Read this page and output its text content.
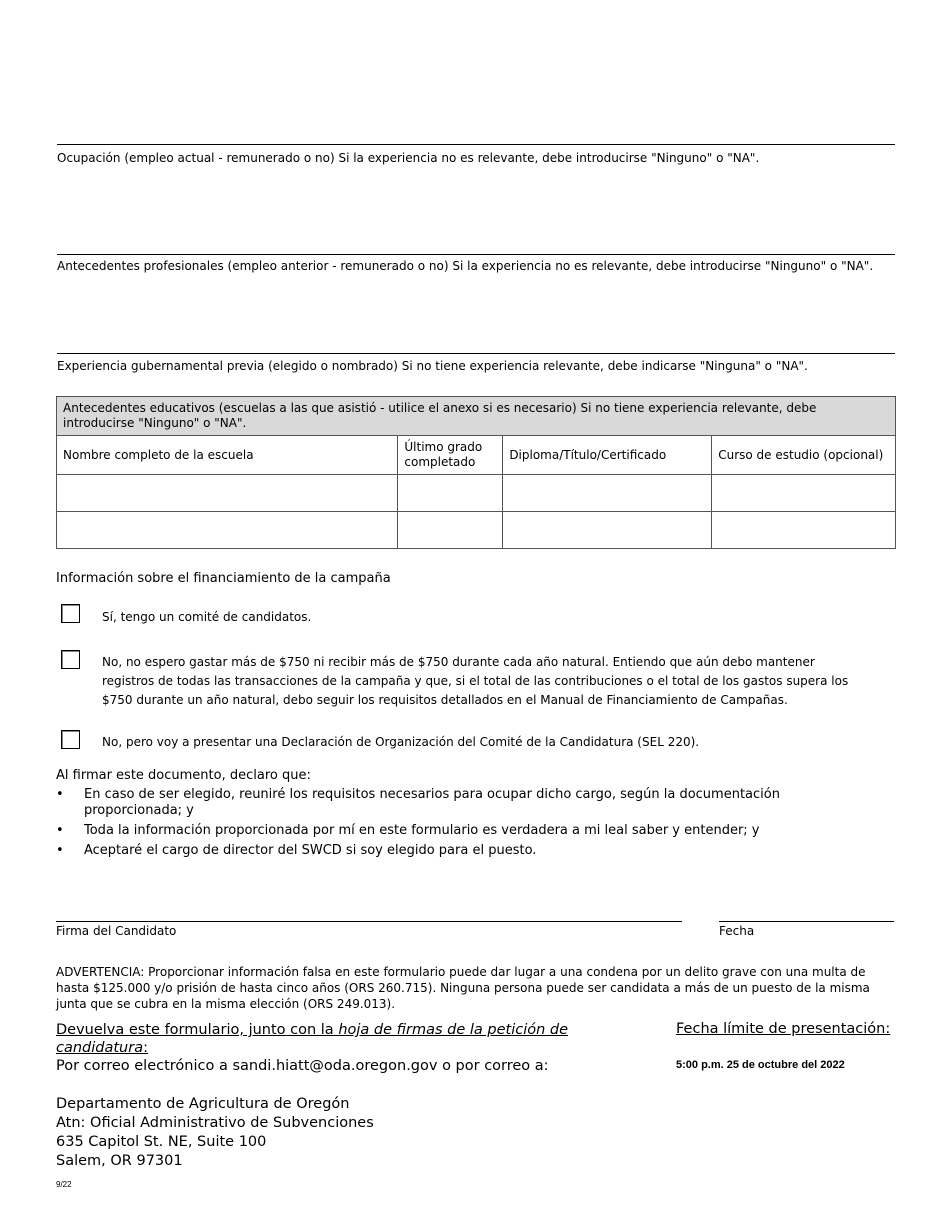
Ocupación (empleo actual - remunerado o no) Si la experiencia no es relevante, debe introducirse "Ninguno" o "NA".
Antecedentes profesionales (empleo anterior - remunerado o no) Si la experiencia no es relevante, debe introducirse "Ninguno" o "NA".
Experiencia gubernamental previa (elegido o nombrado) Si no tiene experiencia relevante, debe indicarse "Ninguna" o "NA".
Antecedentes educativos (escuelas a las que asistió - utilice el anexo si es necesario) Si no tiene experiencia relevante, debe introducirse "Ninguno" o "NA".			
Nombre completo de la escuela	Último grado completado	Diploma/Título/Certificado	Curso de estudio (opcional)

Información sobre el financiamiento de la campaña
Sí, tengo un comité de candidatos.
No, no espero gastar más de $750 ni recibir más de $750 durante cada año natural. Entiendo que aún debo mantener registros de todas las transacciones de la campaña y que, si el total de las contribuciones o el total de los gastos supera los $750 durante un año natural, debo seguir los requisitos detallados en el Manual de Financiamiento de Campañas.
No, pero voy a presentar una Declaración de Organización del Comité de la Candidatura (SEL 220).
Al firmar este documento, declaro que:
• En caso de ser elegido, reuniré los requisitos necesarios para ocupar dicho cargo, según la documentación proporcionada; y
• Toda la información proporcionada por mí en este formulario es verdadera a mi leal saber y entender; y
• Aceptaré el cargo de director del SWCD si soy elegido para el puesto.
Firma del Candidato	Fecha
ADVERTENCIA: Proporcionar información falsa en este formulario puede dar lugar a una condena por un delito grave con una multa de hasta $125.000 y/o prisión de hasta cinco años (ORS 260.715). Ninguna persona puede ser candidata a más de un puesto de la misma junta que se cubra en la misma elección (ORS 249.013).
Devuelva este formulario, junto con la hoja de firmas de la petición de candidatura:
Por correo electrónico a sandi.hiatt@oda.oregon.gov o por correo a:
Fecha límite de presentación:
5:00 p.m. 25 de octubre del 2022
Departamento de Agricultura de Oregón
Atn: Oficial Administrativo de Subvenciones
635 Capitol St. NE, Suite 100
Salem, OR 97301
9/22
